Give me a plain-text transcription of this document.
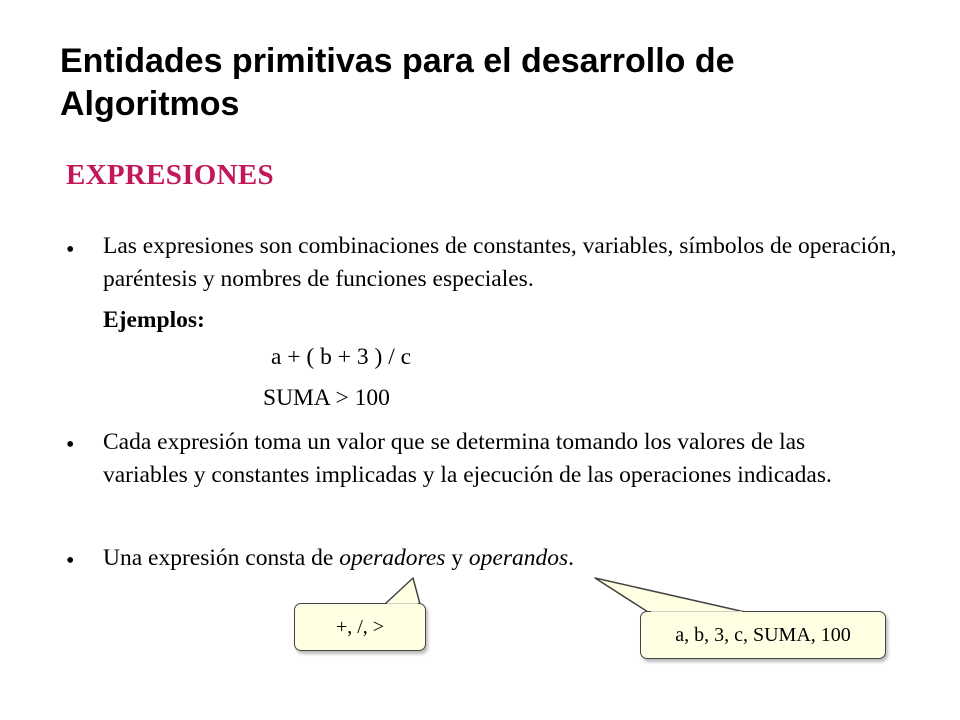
Entidades primitivas para el desarrollo de Algoritmos
EXPRESIONES
• Las expresiones son combinaciones de constantes, variables, símbolos de operación, paréntesis y nombres de funciones especiales.

Ejemplos:
a + ( b + 3 ) / c
SUMA > 100
• Cada expresión toma un valor que se determina tomando los valores de las variables y constantes implicadas y la ejecución de las operaciones indicadas.

• Una expresión consta de operadores y operandos.

+, /, >	a, b, 3, c, SUMA, 100
